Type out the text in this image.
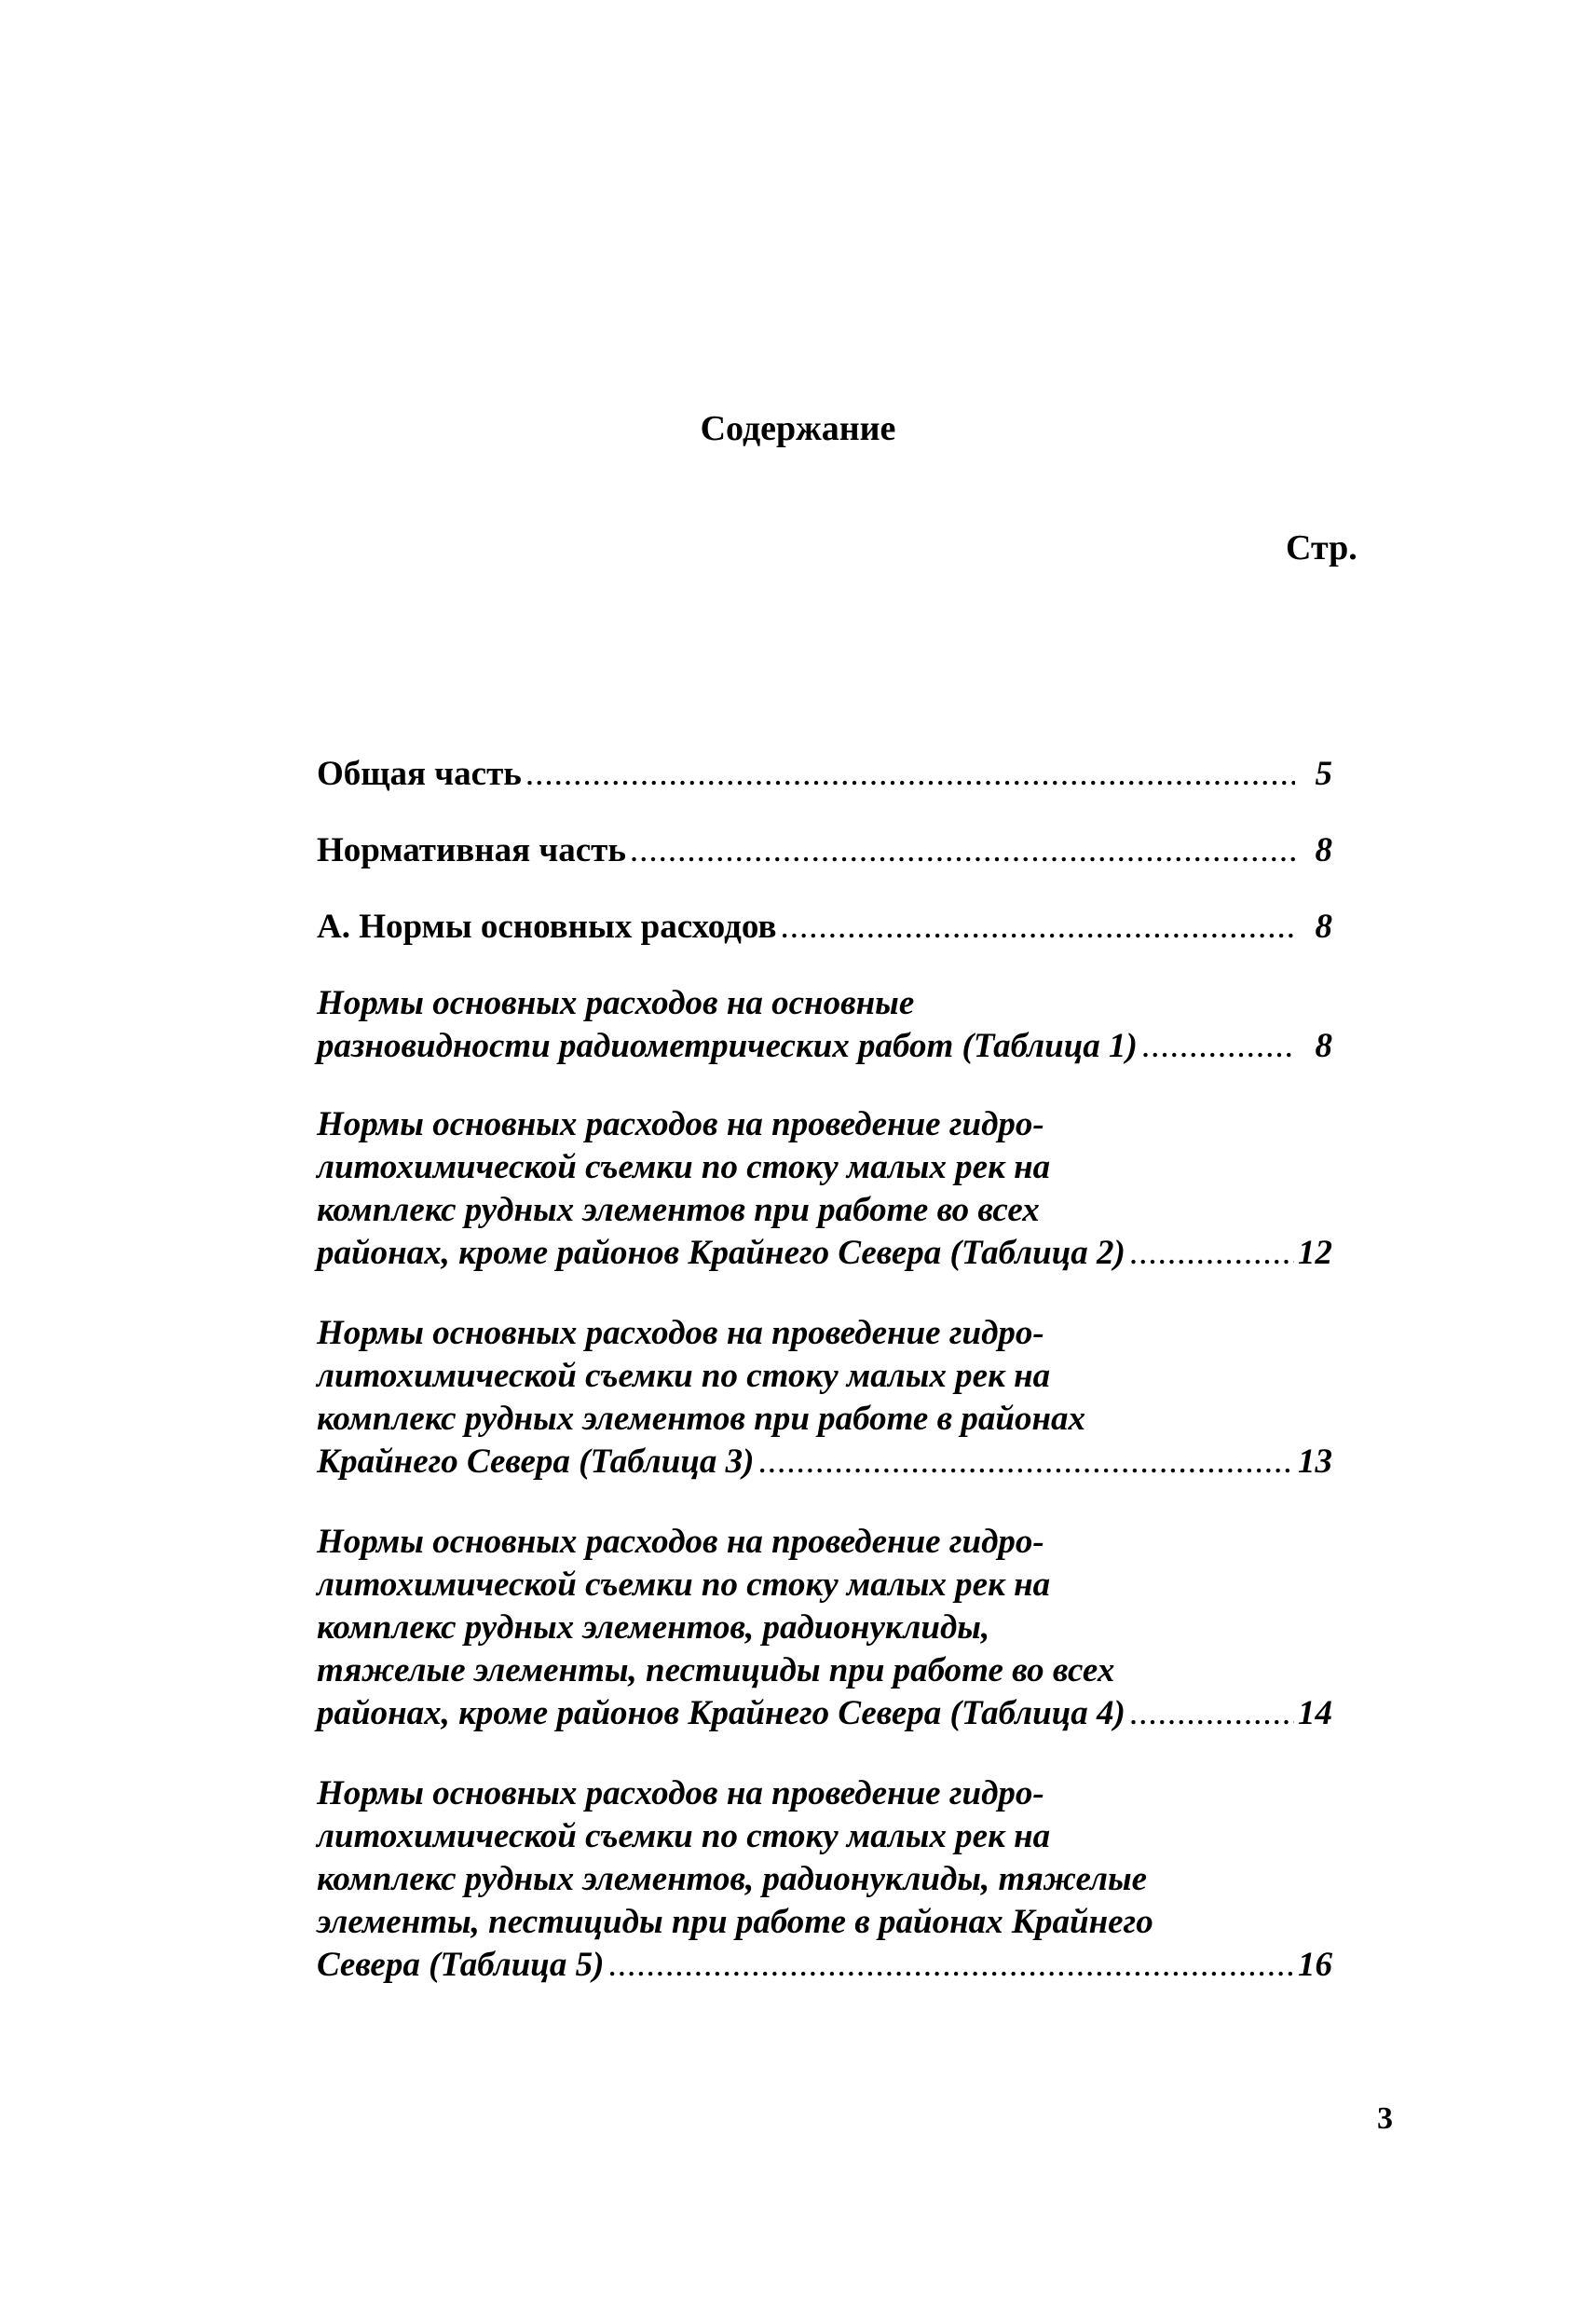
Содержание
Стр.
Общая часть .....	5
Нормативная часть .....	8
А. Нормы основных расходов .....	8
Нормы основных расходов на основные
разновидности радиометрических работ (Таблица 1) .....	8
Нормы основных расходов на проведение гидро-
литохимической съемки по стоку малых рек на
комплекс рудных элементов при работе во всех
районах, кроме районов Крайнего Севера (Таблица 2) .....	12
Нормы основных расходов на проведение гидро-
литохимической съемки по стоку малых рек на
комплекс рудных элементов при работе в районах
Крайнего Севера (Таблица 3) .....	13
Нормы основных расходов на проведение гидро-
литохимической съемки по стоку малых рек на
комплекс рудных элементов, радионуклиды,
тяжелые элементы, пестициды при работе во всех
районах, кроме районов Крайнего Севера (Таблица 4) .....	14
Нормы основных расходов на проведение гидро-
литохимической съемки по стоку малых рек на
комплекс рудных элементов, радионуклиды, тяжелые
элементы, пестициды при работе в районах Крайнего
Севера (Таблица 5) .....	16
3
